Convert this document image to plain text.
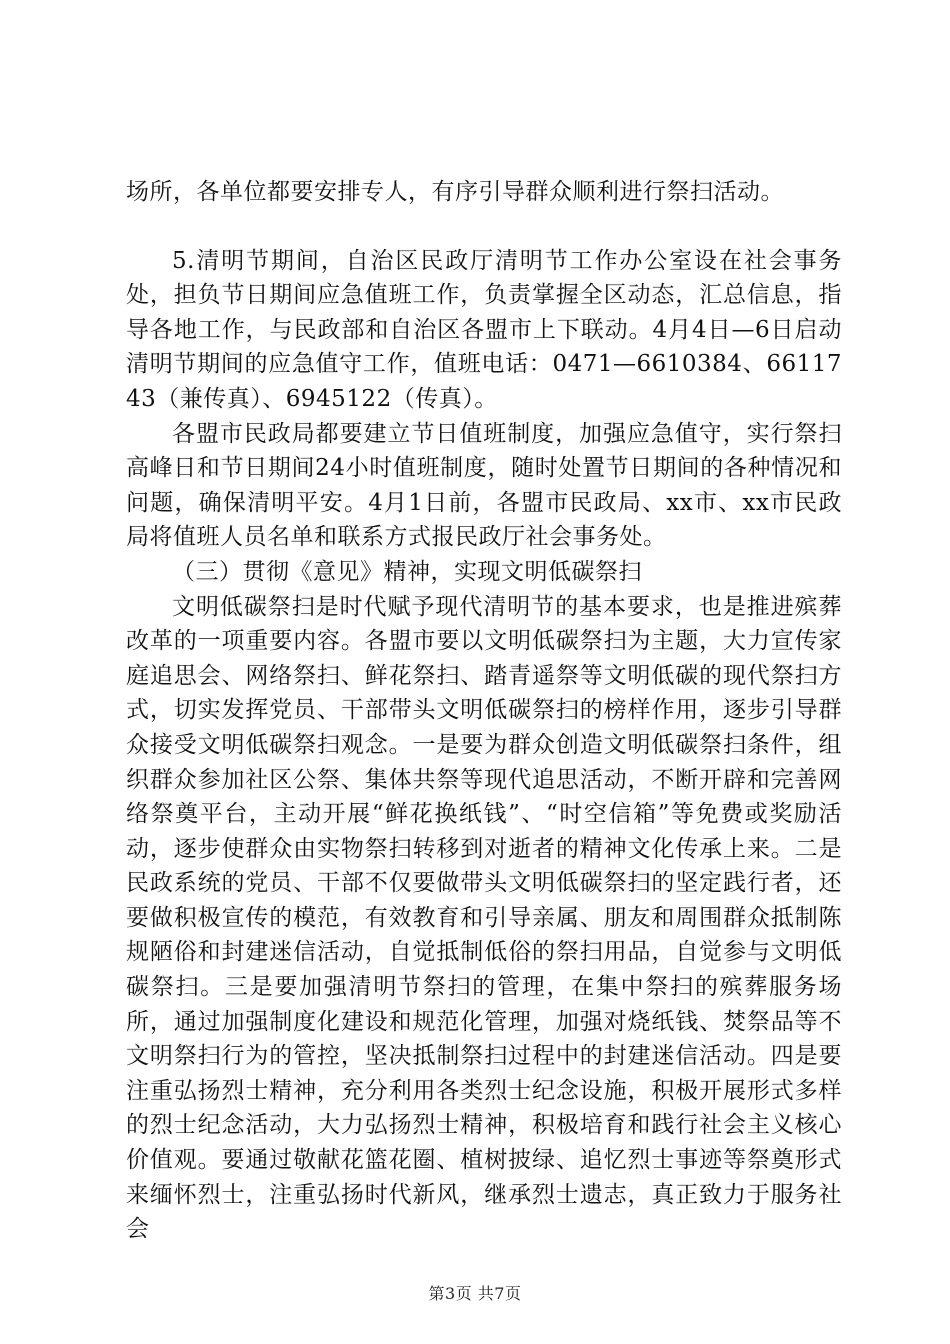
场所，各单位都要安排专人，有序引导群众顺利进行祭扫活动。

5.清明节期间，自治区民政厅清明节工作办公室设在社会事务处，担负节日期间应急值班工作，负责掌握全区动态，汇总信息，指导各地工作，与民政部和自治区各盟市上下联动。4月4日—6日启动清明节期间的应急值守工作，值班电话：0471—6610384、6611743（兼传真）、6945122（传真）。

各盟市民政局都要建立节日值班制度，加强应急值守，实行祭扫高峰日和节日期间24小时值班制度，随时处置节日期间的各种情况和问题，确保清明平安。4月1日前，各盟市民政局、xx市、xx市民政局将值班人员名单和联系方式报民政厅社会事务处。

（三）贯彻《意见》精神，实现文明低碳祭扫

文明低碳祭扫是时代赋予现代清明节的基本要求，也是推进殡葬改革的一项重要内容。各盟市要以文明低碳祭扫为主题，大力宣传家庭追思会、网络祭扫、鲜花祭扫、踏青遥祭等文明低碳的现代祭扫方式，切实发挥党员、干部带头文明低碳祭扫的榜样作用，逐步引导群众接受文明低碳祭扫观念。一是要为群众创造文明低碳祭扫条件，组织群众参加社区公祭、集体共祭等现代追思活动，不断开辟和完善网络祭奠平台，主动开展“鲜花换纸钱”、“时空信箱”等免费或奖励活动，逐步使群众由实物祭扫转移到对逝者的精神文化传承上来。二是民政系统的党员、干部不仅要做带头文明低碳祭扫的坚定践行者，还要做积极宣传的模范，有效教育和引导亲属、朋友和周围群众抵制陈规陋俗和封建迷信活动，自觉抵制低俗的祭扫用品，自觉参与文明低碳祭扫。三是要加强清明节祭扫的管理，在集中祭扫的殡葬服务场所，通过加强制度化建设和规范化管理，加强对烧纸钱、焚祭品等不文明祭扫行为的管控，坚决抵制祭扫过程中的封建迷信活动。四是要注重弘扬烈士精神，充分利用各类烈士纪念设施，积极开展形式多样的烈士纪念活动，大力弘扬烈士精神，积极培育和践行社会主义核心价值观。要通过敬献花篮花圈、植树披绿、追忆烈士事迹等祭奠形式来缅怀烈士，注重弘扬时代新风，继承烈士遗志，真正致力于服务社会

第3页 共7页
